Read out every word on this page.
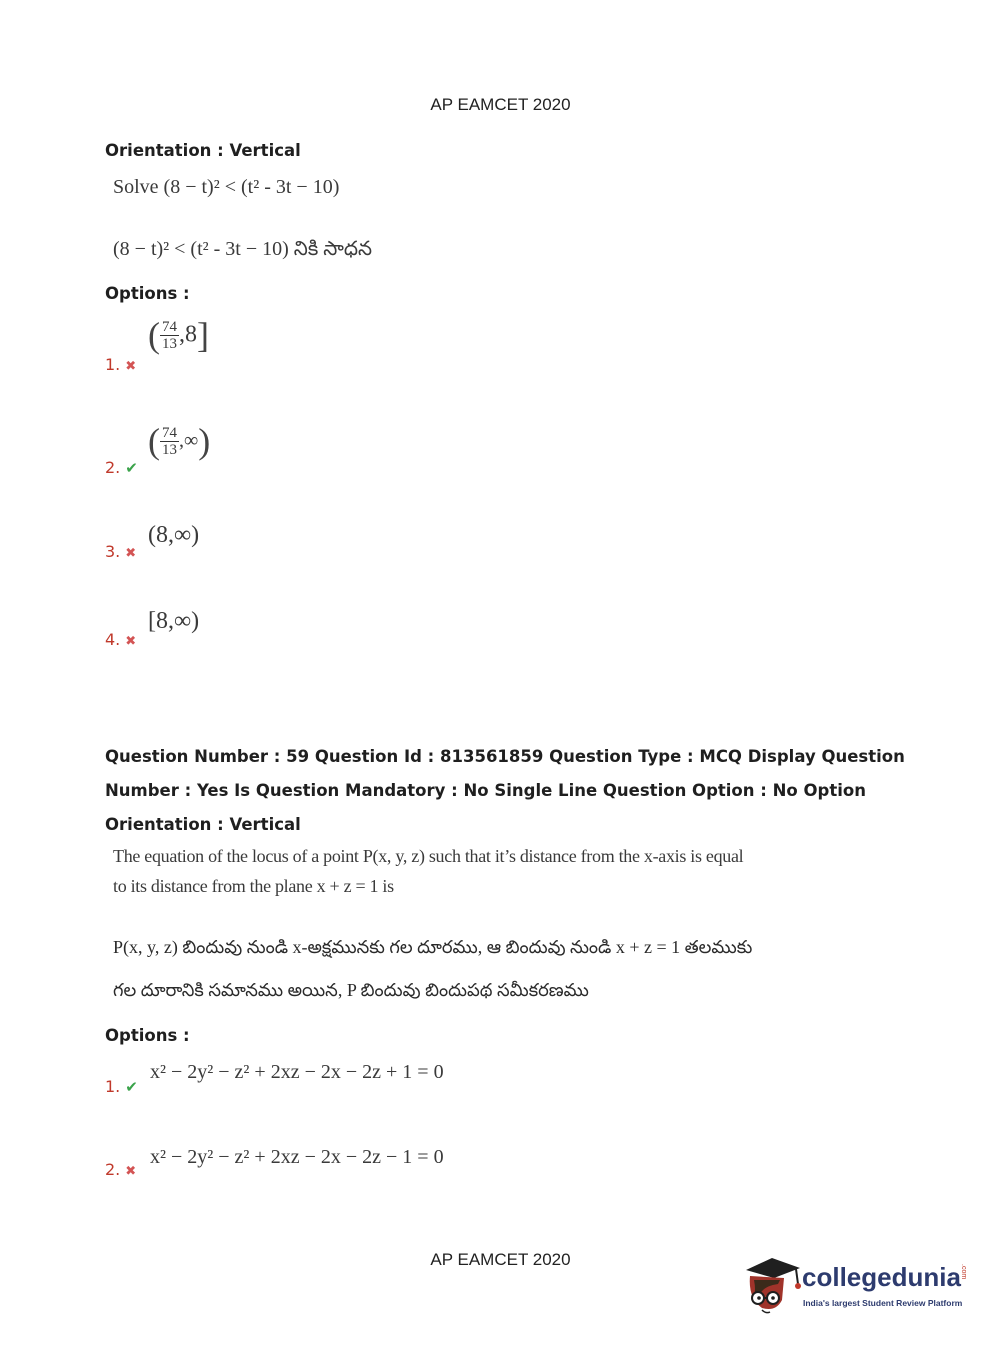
AP EAMCET 2020
Orientation : Vertical
Solve (8 − t)² < (t² - 3t − 10)
(8 − t)² < (t² - 3t − 10) నికి సాధన
Options :
1. ✖
( $\frac{74}{13} ,8$]
2. ✔
( $\frac{74}{13}$ ,∞)
3. ✖
(8,∞)
4. ✖
[8,∞)
Question Number : 59 Question Id : 813561859 Question Type : MCQ Display Question
Number : Yes Is Question Mandatory : No Single Line Question Option : No Option
Orientation : Vertical
The equation of the locus of a point P(x, y, z) such that it’s distance from the x-axis is equal
to its distance from the plane x + z = 1 is
P(x, y, z) బిందువు నుండి x-అక్షమునకు గల దూరము, ఆ బిందువు నుండి x + z = 1 తలముకు
గల దూరానికి సమానము అయిన, P బిందువు బిందుపథ సమీకరణము
Options :
1. ✔
x² − 2y² − z² + 2xz − 2x − 2z + 1 = 0
2. ✖
x² − 2y² − z² + 2xz − 2x − 2z − 1 = 0
AP EAMCET 2020
collegedunia .com
India's largest Student Review Platform
